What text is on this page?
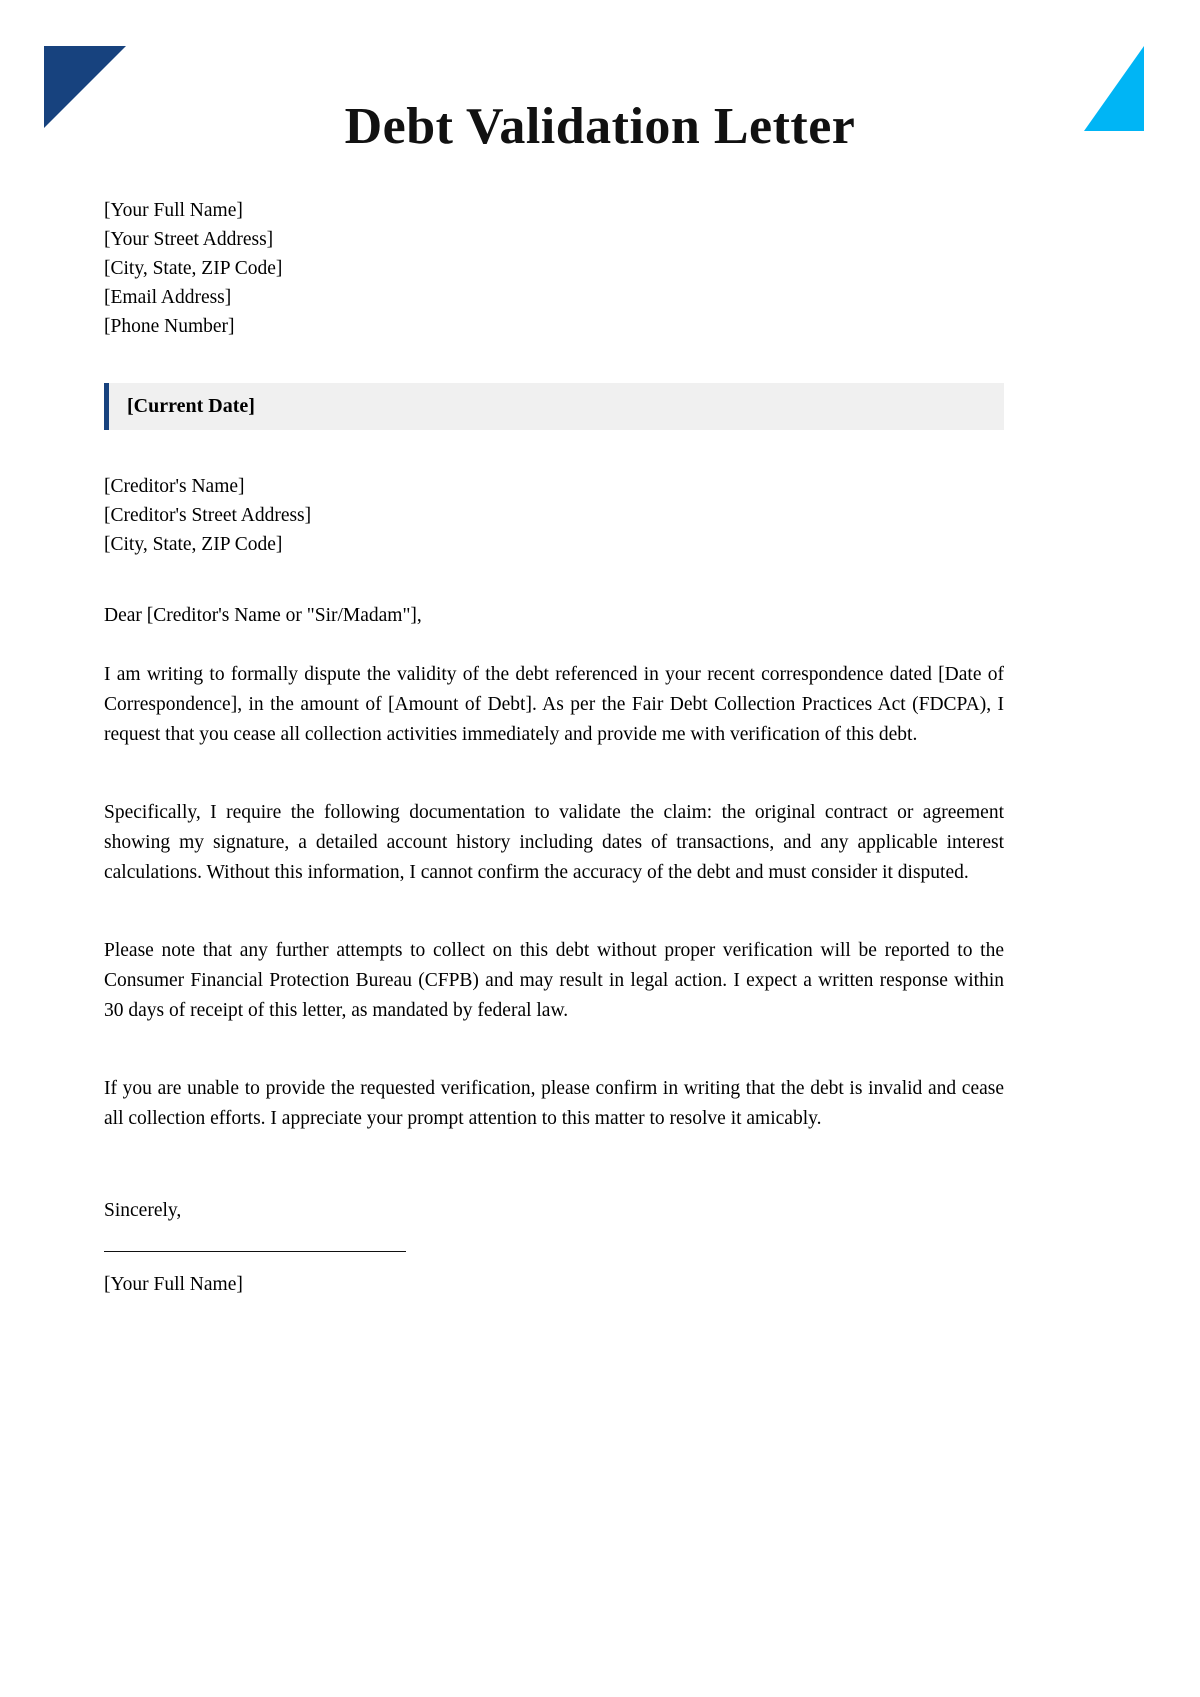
Debt Validation Letter
[Your Full Name]
[Your Street Address]
[City, State, ZIP Code]
[Email Address]
[Phone Number]
[Current Date]
[Creditor's Name]
[Creditor's Street Address]
[City, State, ZIP Code]
Dear [Creditor's Name or "Sir/Madam"],

I am writing to formally dispute the validity of the debt referenced in your recent correspondence dated [Date of Correspondence], in the amount of [Amount of Debt]. As per the Fair Debt Collection Practices Act (FDCPA), I request that you cease all collection activities immediately and provide me with verification of this debt.

Specifically, I require the following documentation to validate the claim: the original contract or agreement showing my signature, a detailed account history including dates of transactions, and any applicable interest calculations. Without this information, I cannot confirm the accuracy of the debt and must consider it disputed.

Please note that any further attempts to collect on this debt without proper verification will be reported to the Consumer Financial Protection Bureau (CFPB) and may result in legal action. I expect a written response within 30 days of receipt of this letter, as mandated by federal law.

If you are unable to provide the requested verification, please confirm in writing that the debt is invalid and cease all collection efforts. I appreciate your prompt attention to this matter to resolve it amicably.

Sincerely,
[Your Full Name]
